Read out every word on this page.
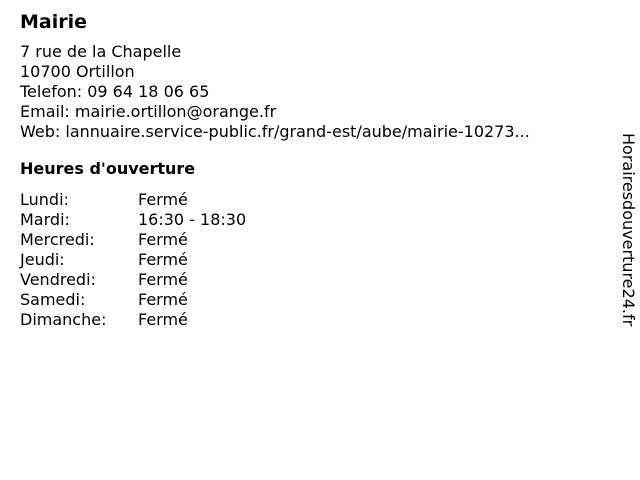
Mairie
7 rue de la Chapelle
10700 Ortillon
Telefon: 09 64 18 06 65
Email: mairie.ortillon@orange.fr
Web: lannuaire.service-public.fr/grand-est/aube/mairie-10273...
Heures d'ouverture
Lundi:	Fermé
Mardi:	16:30 - 18:30
Mercredi:	Fermé
Jeudi:	Fermé
Vendredi:	Fermé
Samedi:	Fermé
Dimanche:	Fermé	Horairesdouverture24.fr
